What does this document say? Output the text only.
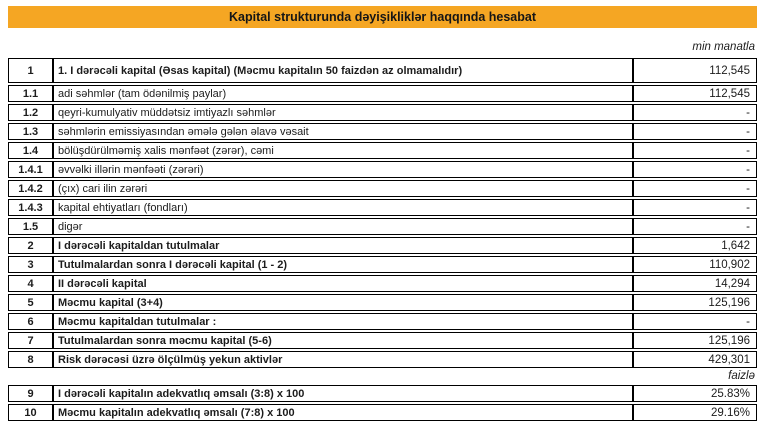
Kapital strukturunda dəyişikliklər haqqında hesabat
min manatla
1	1. I dərəcəli kapital (Əsas kapital) (Məcmu kapitalın 50 faizdən az olmamalıdır)	112,545
1.1	adi səhmlər (tam ödənilmiş paylar)	112,545
1.2	qeyri-kumulyativ müddətsiz imtiyazlı səhmlər	-
1.3	səhmlərin emissiyasından əmələ gələn əlavə vəsait	-
1.4	bölüşdürülməmiş xalis mənfəət (zərər), cəmi	-
1.4.1	əvvəlki illərin mənfəəti (zərəri)	-
1.4.2	(çıx) cari ilin zərəri	-
1.4.3	kapital ehtiyatları (fondları)	-
1.5	digər	-
2	I dərəcəli kapitaldan tutulmalar	1,642
3	Tutulmalardan sonra I dərəcəli kapital (1 - 2)	110,902
4	II dərəcəli kapital	14,294
5	Məcmu kapital (3+4)	125,196
6	Məcmu kapitaldan tutulmalar :	-
7	Tutulmalardan sonra məcmu kapital (5-6)	125,196
8	Risk dərəcəsi üzrə ölçülmüş yekun aktivlər	429,301
faizlə
9	I dərəcəli kapitalın adekvatlıq əmsalı (3:8) x 100	25.83%
10	Məcmu kapitalın adekvatlıq əmsalı (7:8) x 100	29.16%
